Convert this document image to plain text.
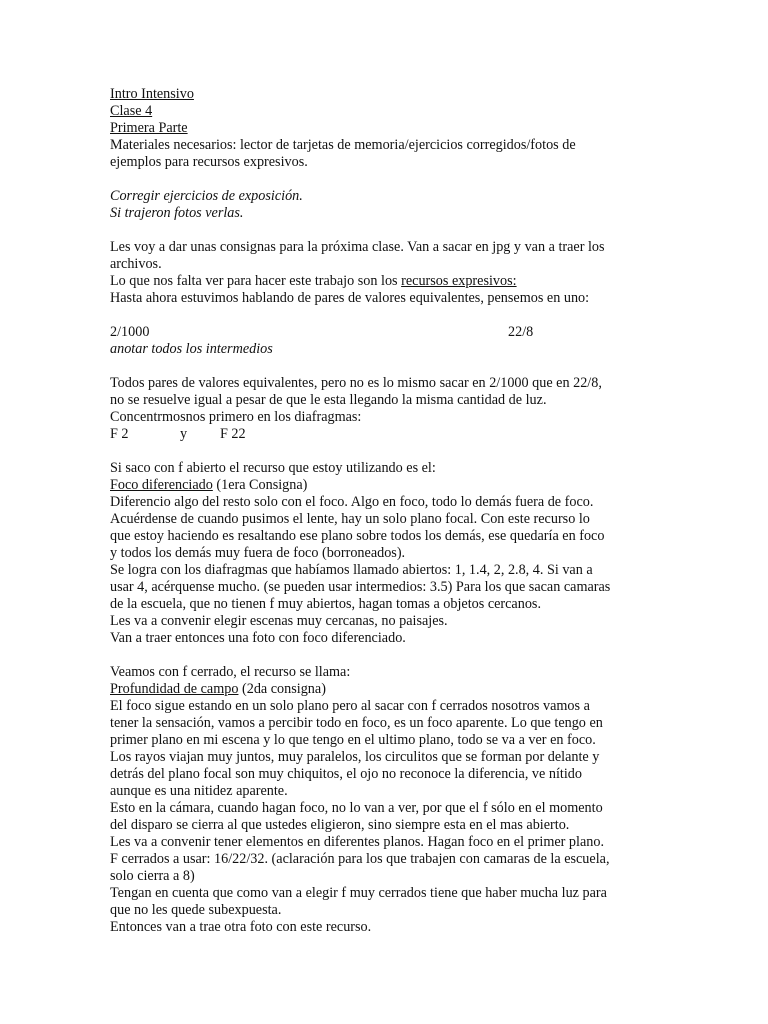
Intro Intensivo
Clase 4
Primera Parte
Materiales necesarios: lector de tarjetas de memoria/ejercicios corregidos/fotos de
ejemplos para recursos expresivos.
Corregir ejercicios de exposición.
Si trajeron fotos verlas.
Les voy a dar unas consignas para la próxima clase. Van a sacar en jpg y van a traer los
archivos.
Lo que nos falta ver para hacer este trabajo son los recursos expresivos:
Hasta ahora estuvimos hablando de pares de valores equivalentes, pensemos en uno:
2/1000	22/8
anotar todos los intermedios
Todos pares de valores equivalentes, pero no es lo mismo sacar en 2/1000 que en 22/8,
no se resuelve igual a pesar de que le esta llegando la misma cantidad de luz.
Concentrmosnos primero en los diafragmas:
F 2	y F 22
Si saco con f abierto el recurso que estoy utilizando es el:
Foco diferenciado (1era Consigna)
Diferencio algo del resto solo con el foco. Algo en foco, todo lo demás fuera de foco.
Acuérdense de cuando pusimos el lente, hay un solo plano focal. Con este recurso lo
que estoy haciendo es resaltando ese plano sobre todos los demás, ese quedaría en foco
y todos los demás muy fuera de foco (borroneados).
Se logra con los diafragmas que habíamos llamado abiertos: 1, 1.4, 2, 2.8, 4. Si van a
usar 4, acérquense mucho. (se pueden usar intermedios: 3.5) Para los que sacan camaras
de la escuela, que no tienen f muy abiertos, hagan tomas a objetos cercanos.
Les va a convenir elegir escenas muy cercanas, no paisajes.
Van a traer entonces una foto con foco diferenciado.
Veamos con f cerrado, el recurso se llama:
Profundidad de campo (2da consigna)
El foco sigue estando en un solo plano pero al sacar con f cerrados nosotros vamos a
tener la sensación, vamos a percibir todo en foco, es un foco aparente. Lo que tengo en
primer plano en mi escena y lo que tengo en el ultimo plano, todo se va a ver en foco.
Los rayos viajan muy juntos, muy paralelos, los circulitos que se forman por delante y
detrás del plano focal son muy chiquitos, el ojo no reconoce la diferencia, ve nítido
aunque es una nitidez aparente.
Esto en la cámara, cuando hagan foco, no lo van a ver, por que el f sólo en el momento
del disparo se cierra al que ustedes eligieron, sino siempre esta en el mas abierto.
Les va a convenir tener elementos en diferentes planos. Hagan foco en el primer plano.
F cerrados a usar: 16/22/32. (aclaración para los que trabajen con camaras de la escuela,
solo cierra a 8)
Tengan en cuenta que como van a elegir f muy cerrados tiene que haber mucha luz para
que no les quede subexpuesta.
Entonces van a trae otra foto con este recurso.
